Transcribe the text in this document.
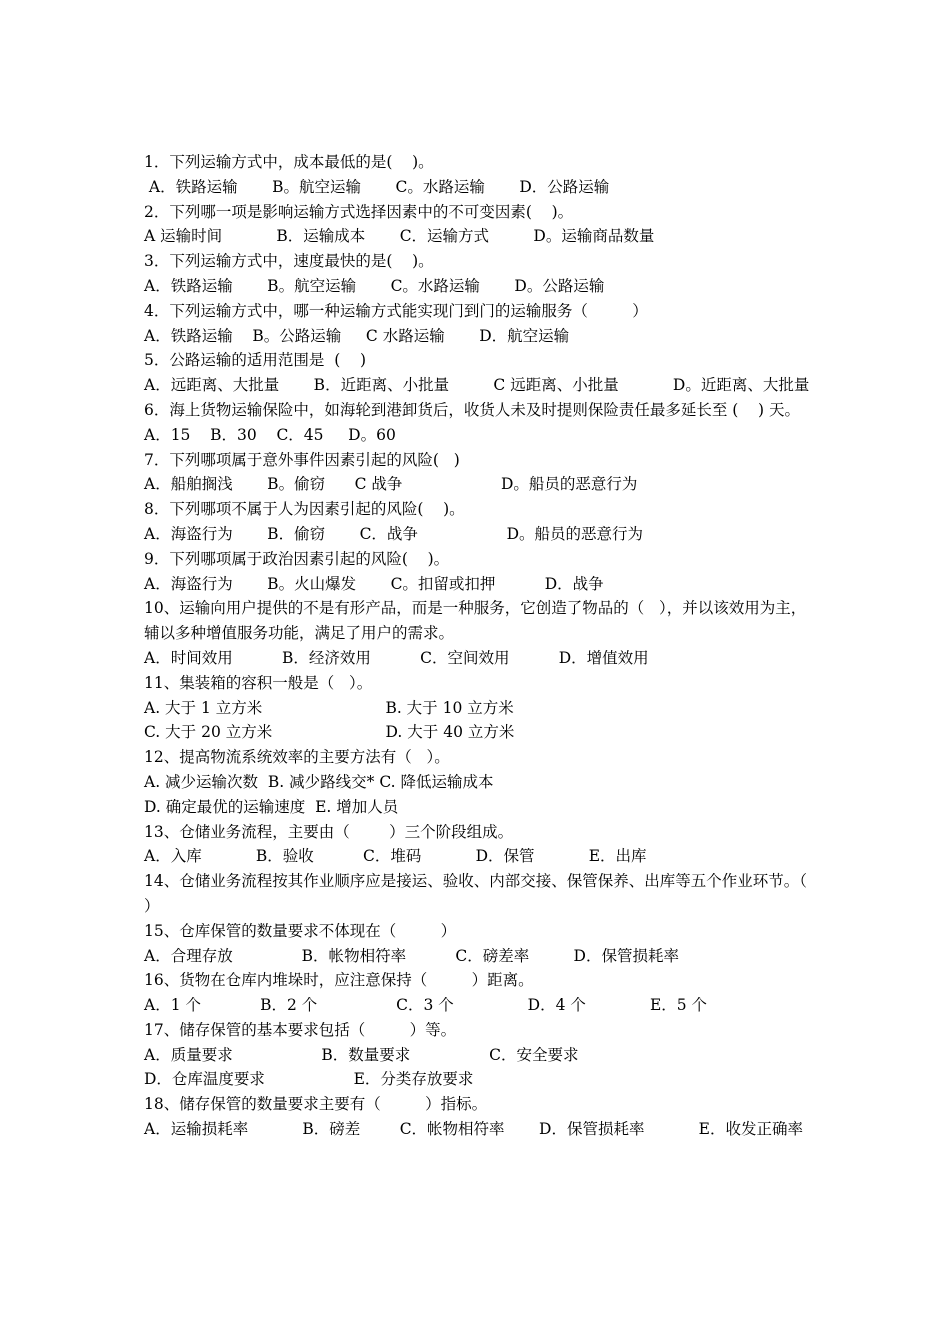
1．下列运输方式中，成本最低的是(    )。
A．铁路运输       B。航空运输       C。水路运输       D．公路运输
2．下列哪一项是影响运输方式选择因素中的不可变因素(    )。
A 运输时间           B．运输成本       C．运输方式         D。运输商品数量
3．下列运输方式中，速度最快的是(    )。
A．铁路运输       B。航空运输       C。水路运输       D。公路运输
4．下列运输方式中，哪一种运输方式能实现门到门的运输服务（         ）
A．铁路运输    B。公路运输     C 水路运输       D．航空运输
5．公路运输的适用范围是  (    )
A．远距离、大批量       B．近距离、小批量         C 远距离、小批量           D。近距离、大批量
6．海上货物运输保险中，如海轮到港卸货后，收货人未及时提则保险责任最多延长至 (    ) 天。
A．15    B．30    C．45     D。60
7．下列哪项属于意外事件因素引起的风险(   )
A．船舶搁浅       B。偷窃      C 战争                    D。船员的恶意行为
8．下列哪项不属于人为因素引起的风险(    )。
A．海盗行为       B．偷窃       C．战争                  D。船员的恶意行为
9．下列哪项属于政治因素引起的风险(    )。
A．海盗行为       B。火山爆发       C。扣留或扣押          D．战争
10、运输向用户提供的不是有形产品，而是一种服务，它创造了物品的（   ），并以该效用为主，辅以多种增值服务功能，满足了用户的需求。
A．时间效用          B．经济效用          C．空间效用          D．增值效用
11、集装箱的容积一般是（   ）。
A. 大于 1 立方米                         B. 大于 10 立方米
C. 大于 20 立方米                       D. 大于 40 立方米
12、提高物流系统效率的主要方法有（   ）。
A. 减少运输次数  B. 减少路线交* C. 降低运输成本
D. 确定最优的运输速度  E. 增加人员
13、仓储业务流程，主要由（        ）三个阶段组成。
A．入库           B．验收          C．堆码           D．保管           E．出库
14、仓储业务流程按其作业顺序应是接运、验收、内部交接、保管保养、出库等五个作业环节。（         ）
15、仓库保管的数量要求不体现在（         ）
A．合理存放              B．帐物相符率          C．磅差率         D．保管损耗率
16、货物在仓库内堆垛时，应注意保持（         ）距离。
A．1 个            B．2 个                C．3 个               D．4 个             E．5 个
17、储存保管的基本要求包括（         ）等。
A．质量要求                  B．数量要求                C．安全要求
D．仓库温度要求                  E．分类存放要求
18、储存保管的数量要求主要有（         ）指标。
A．运输损耗率           B．磅差        C．帐物相符率       D．保管损耗率           E．收发正确率
